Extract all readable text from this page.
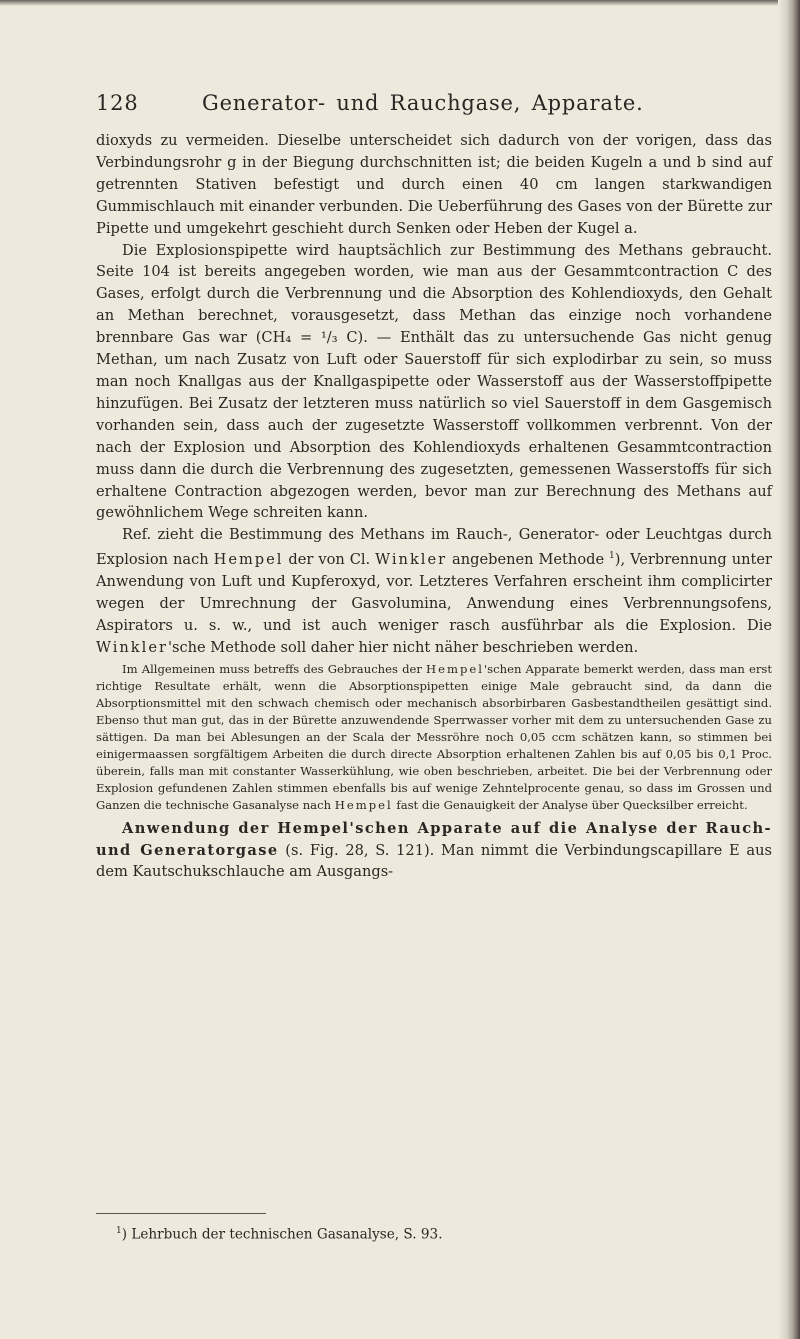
128	Generator- und Rauchgase, Apparate.

dioxyds zu vermeiden. Dieselbe unterscheidet sich dadurch von der vorigen, dass das Verbindungsrohr g in der Biegung durchschnitten ist; die beiden Kugeln a und b sind auf getrennten Stativen befestigt und durch einen 40 cm langen starkwandigen Gummischlauch mit einander verbunden. Die Ueberführung des Gases von der Bürette zur Pipette und umgekehrt geschieht durch Senken oder Heben der Kugel a.

Die Explosionspipette wird hauptsächlich zur Bestimmung des Methans gebraucht. Seite 104 ist bereits angegeben worden, wie man aus der Gesammtcontraction C des Gases, erfolgt durch die Verbrennung und die Absorption des Kohlendioxyds, den Gehalt an Methan berechnet, vorausgesetzt, dass Methan das einzige noch vorhandene brennbare Gas war (CH₄ = ¹/₃ C). — Enthält das zu untersuchende Gas nicht genug Methan, um nach Zusatz von Luft oder Sauerstoff für sich explodirbar zu sein, so muss man noch Knallgas aus der Knallgaspipette oder Wasserstoff aus der Wasserstoffpipette hinzufügen. Bei Zusatz der letzteren muss natürlich so viel Sauerstoff in dem Gasgemisch vorhanden sein, dass auch der zugesetzte Wasserstoff vollkommen verbrennt. Von der nach der Explosion und Absorption des Kohlendioxyds erhaltenen Gesammtcontraction muss dann die durch die Verbrennung des zugesetzten, gemessenen Wasserstoffs für sich erhaltene Contraction abgezogen werden, bevor man zur Berechnung des Methans auf gewöhnlichem Wege schreiten kann.

Ref. zieht die Bestimmung des Methans im Rauch-, Generator- oder Leuchtgas durch Explosion nach Hempel der von Cl. Winkler angebenen Methode $^1$), Verbrennung unter Anwendung von Luft und Kupferoxyd, vor. Letzteres Verfahren erscheint ihm complicirter wegen der Umrechnung der Gasvolumina, Anwendung eines Verbrennungsofens, Aspirators u. s. w., und ist auch weniger rasch ausführbar als die Explosion. Die Winkler'sche Methode soll daher hier nicht näher beschrieben werden.

Im Allgemeinen muss betreffs des Gebrauches der Hempel'schen Apparate bemerkt werden, dass man erst richtige Resultate erhält, wenn die Absorptionspipetten einige Male gebraucht sind, da dann die Absorptionsmittel mit den schwach chemisch oder mechanisch absorbirbaren Gasbestandtheilen gesättigt sind. Ebenso thut man gut, das in der Bürette anzuwendende Sperrwasser vorher mit dem zu untersuchenden Gase zu sättigen. Da man bei Ablesungen an der Scala der Messröhre noch 0,05 ccm schätzen kann, so stimmen bei einigermaassen sorgfältigem Arbeiten die durch directe Absorption erhaltenen Zahlen bis auf 0,05 bis 0,1 Proc. überein, falls man mit constanter Wasserkühlung, wie oben beschrieben, arbeitet. Die bei der Verbrennung oder Explosion gefundenen Zahlen stimmen ebenfalls bis auf wenige Zehntelprocente genau, so dass im Grossen und Ganzen die technische Gasanalyse nach Hempel fast die Genauigkeit der Analyse über Quecksilber erreicht.

Anwendung der Hempel'schen Apparate auf die Analyse der Rauch- und Generatorgase (s. Fig. 28, S. 121). Man nimmt die Verbindungscapillare E aus dem Kautschukschlauche am Ausgangs-

$^1$) Lehrbuch der technischen Gasanalyse, S. 93.
